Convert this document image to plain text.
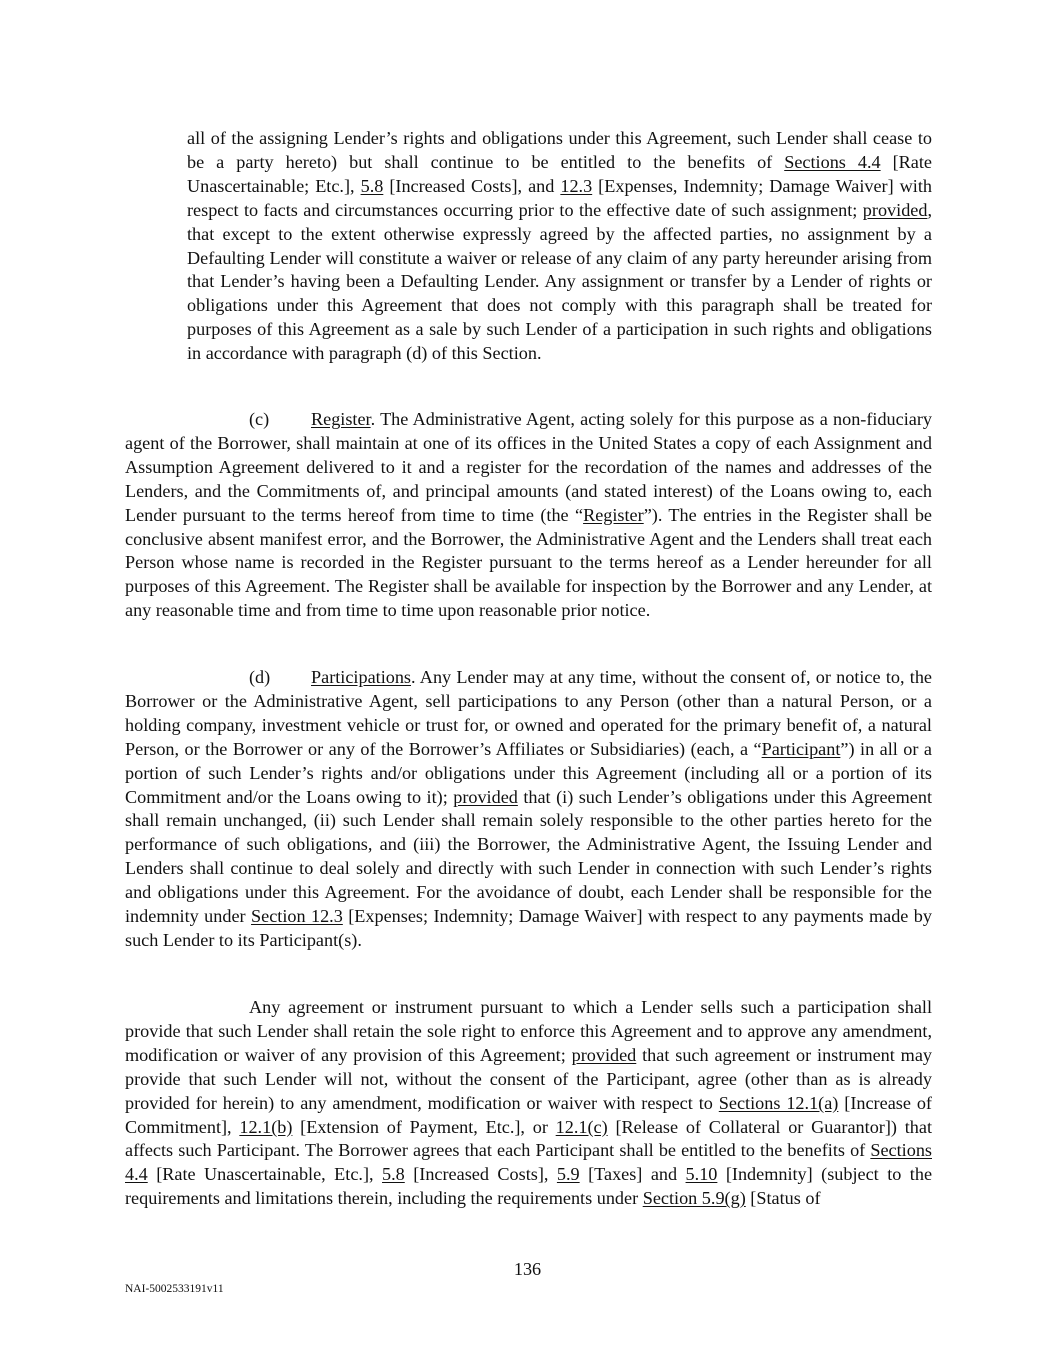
all of the assigning Lender’s rights and obligations under this Agreement, such Lender shall cease to be a party hereto) but shall continue to be entitled to the benefits of Sections 4.4 [Rate Unascertainable; Etc.], 5.8 [Increased Costs], and 12.3 [Expenses, Indemnity; Damage Waiver] with respect to facts and circumstances occurring prior to the effective date of such assignment; provided, that except to the extent otherwise expressly agreed by the affected parties, no assignment by a Defaulting Lender will constitute a waiver or release of any claim of any party hereunder arising from that Lender’s having been a Defaulting Lender. Any assignment or transfer by a Lender of rights or obligations under this Agreement that does not comply with this paragraph shall be treated for purposes of this Agreement as a sale by such Lender of a participation in such rights and obligations in accordance with paragraph (d) of this Section.

(c) Register. The Administrative Agent, acting solely for this purpose as a non-fiduciary agent of the Borrower, shall maintain at one of its offices in the United States a copy of each Assignment and Assumption Agreement delivered to it and a register for the recordation of the names and addresses of the Lenders, and the Commitments of, and principal amounts (and stated interest) of the Loans owing to, each Lender pursuant to the terms hereof from time to time (the “Register”). The entries in the Register shall be conclusive absent manifest error, and the Borrower, the Administrative Agent and the Lenders shall treat each Person whose name is recorded in the Register pursuant to the terms hereof as a Lender hereunder for all purposes of this Agreement. The Register shall be available for inspection by the Borrower and any Lender, at any reasonable time and from time to time upon reasonable prior notice.

(d) Participations. Any Lender may at any time, without the consent of, or notice to, the Borrower or the Administrative Agent, sell participations to any Person (other than a natural Person, or a holding company, investment vehicle or trust for, or owned and operated for the primary benefit of, a natural Person, or the Borrower or any of the Borrower’s Affiliates or Subsidiaries) (each, a “Participant”) in all or a portion of such Lender’s rights and/or obligations under this Agreement (including all or a portion of its Commitment and/or the Loans owing to it); provided that (i) such Lender’s obligations under this Agreement shall remain unchanged, (ii) such Lender shall remain solely responsible to the other parties hereto for the performance of such obligations, and (iii) the Borrower, the Administrative Agent, the Issuing Lender and Lenders shall continue to deal solely and directly with such Lender in connection with such Lender’s rights and obligations under this Agreement. For the avoidance of doubt, each Lender shall be responsible for the indemnity under Section 12.3 [Expenses; Indemnity; Damage Waiver] with respect to any payments made by such Lender to its Participant(s).

Any agreement or instrument pursuant to which a Lender sells such a participation shall provide that such Lender shall retain the sole right to enforce this Agreement and to approve any amendment, modification or waiver of any provision of this Agreement; provided that such agreement or instrument may provide that such Lender will not, without the consent of the Participant, agree (other than as is already provided for herein) to any amendment, modification or waiver with respect to Sections 12.1(a) [Increase of Commitment], 12.1(b) [Extension of Payment, Etc.], or 12.1(c) [Release of Collateral or Guarantor]) that affects such Participant. The Borrower agrees that each Participant shall be entitled to the benefits of Sections 4.4 [Rate Unascertainable, Etc.], 5.8 [Increased Costs], 5.9 [Taxes] and 5.10 [Indemnity] (subject to the requirements and limitations therein, including the requirements under Section 5.9(g) [Status of

136
NAI-5002533191v11
